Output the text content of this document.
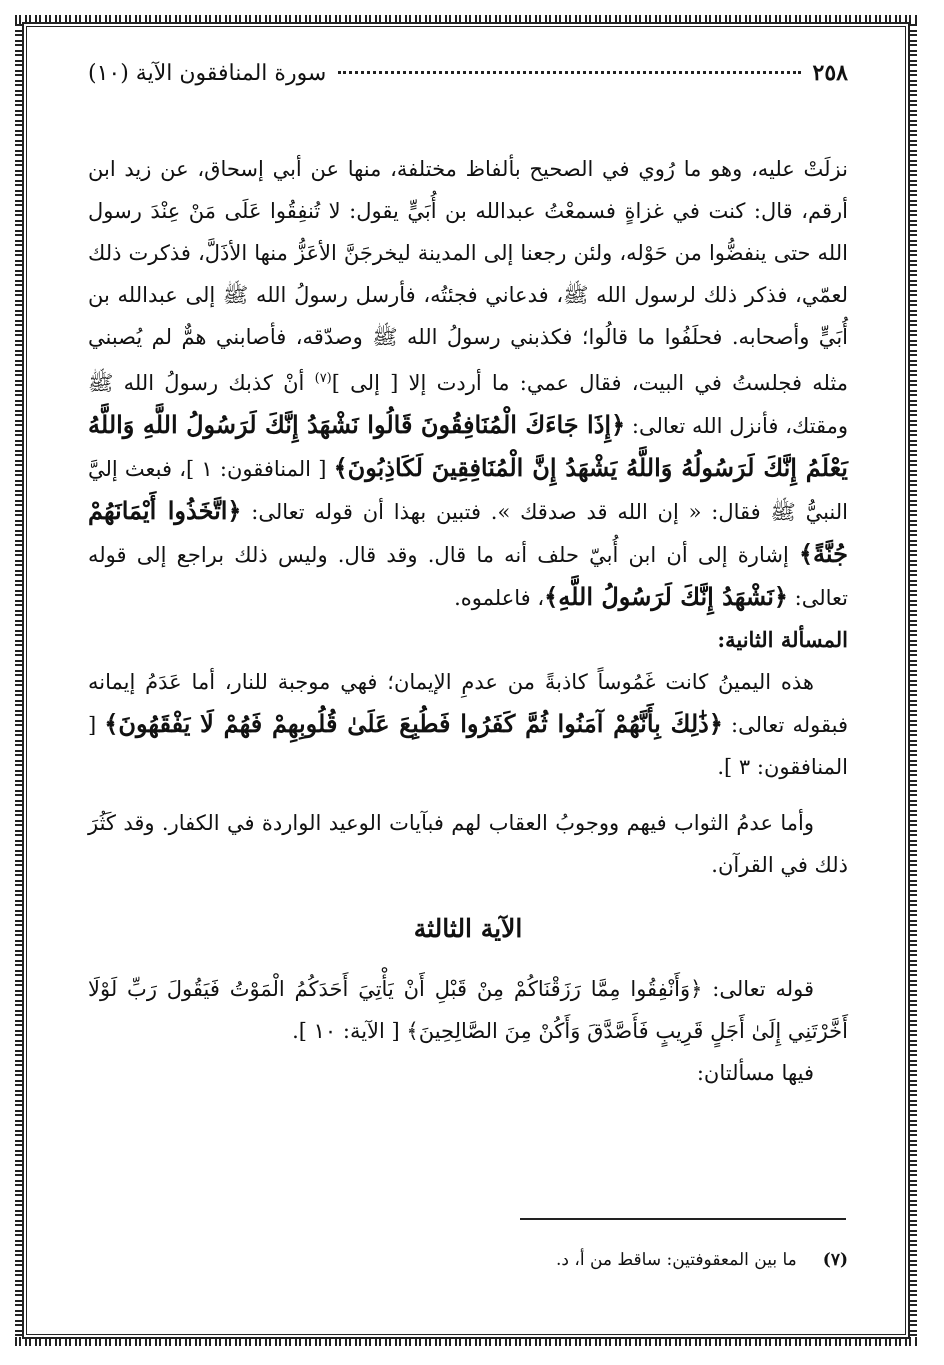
٢٥٨
سورة المنافقون الآية (١٠)

نزلَتْ عليه، وهو ما رُوي في الصحيح بألفاظ مختلفة، منها عن أبي إسحاق، عن زيد ابن أرقم، قال: كنت في غزاةٍ فسمعْتُ عبدالله بن أُبَيٍّ يقول: لا تُنفِقُوا عَلَى مَنْ عِنْدَ رسول الله حتى ينفضُّوا من حَوْله، ولئن رجعنا إلى المدينة ليخرجَنَّ الأعَزُّ منها الأذَلَّ، فذكرت ذلك لعمّي، فذكر ذلك لرسول الله ﷺ، فدعاني فجئتُه، فأرسل رسولُ الله ﷺ إلى عبدالله بن أُبَيٍّ وأصحابه. فحلَفُوا ما قالُوا؛ فكذبني رسولُ الله ﷺ وصدّقه، فأصابني همٌّ لم يُصبني مثله فجلستُ في البيت، فقال عمي: ما أردت إلا [ إلى ]$^{(٧)}$ أنْ كذبك رسولُ الله ﷺ ومقتك، فأنزل الله تعالى: ﴿إِذَا جَاءَكَ الْمُنَافِقُونَ قَالُوا نَشْهَدُ إِنَّكَ لَرَسُولُ اللَّهِ وَاللَّهُ يَعْلَمُ إِنَّكَ لَرَسُولُهُ وَاللَّهُ يَشْهَدُ إِنَّ الْمُنَافِقِينَ لَكَاذِبُونَ﴾ [ المنافقون: ١ ]، فبعث إليَّ النبيُّ ﷺ فقال: « إن الله قد صدقك ». فتبين بهذا أن قوله تعالى: ﴿اتَّخَذُوا أَيْمَانَهُمْ جُنَّةً﴾ إشارة إلى أن ابن أُبيّ حلف أنه ما قال. وقد قال. وليس ذلك براجع إلى قوله تعالى: ﴿نَشْهَدُ إِنَّكَ لَرَسُولُ اللَّهِ﴾، فاعلموه.

المسألة الثانية:

هذه اليمينُ كانت غَمُوساً كاذبةً من عدمِ الإيمان؛ فهي موجبة للنار، أما عَدَمُ إيمانه فبقوله تعالى: ﴿ذَٰلِكَ بِأَنَّهُمْ آمَنُوا ثُمَّ كَفَرُوا فَطُبِعَ عَلَىٰ قُلُوبِهِمْ فَهُمْ لَا يَفْقَهُونَ﴾ [ المنافقون: ٣ ].

وأما عدمُ الثواب فيهم ووجوبُ العقاب لهم فبآيات الوعيد الواردة في الكفار. وقد كَثُرَ ذلك في القرآن.

الآية الثالثة

قوله تعالى: ﴿وَأَنْفِقُوا مِمَّا رَزَقْنَاكُمْ مِنْ قَبْلِ أَنْ يَأْتِيَ أَحَدَكُمُ الْمَوْتُ فَيَقُولَ رَبِّ لَوْلَا أَخَّرْتَنِي إِلَىٰ أَجَلٍ قَرِيبٍ فَأَصَّدَّقَ وَأَكُنْ مِنَ الصَّالِحِينَ﴾ [ الآية: ١٠ ].

فيها مسألتان:

(٧)
ما بين المعقوفتين: ساقط من أ، د.
